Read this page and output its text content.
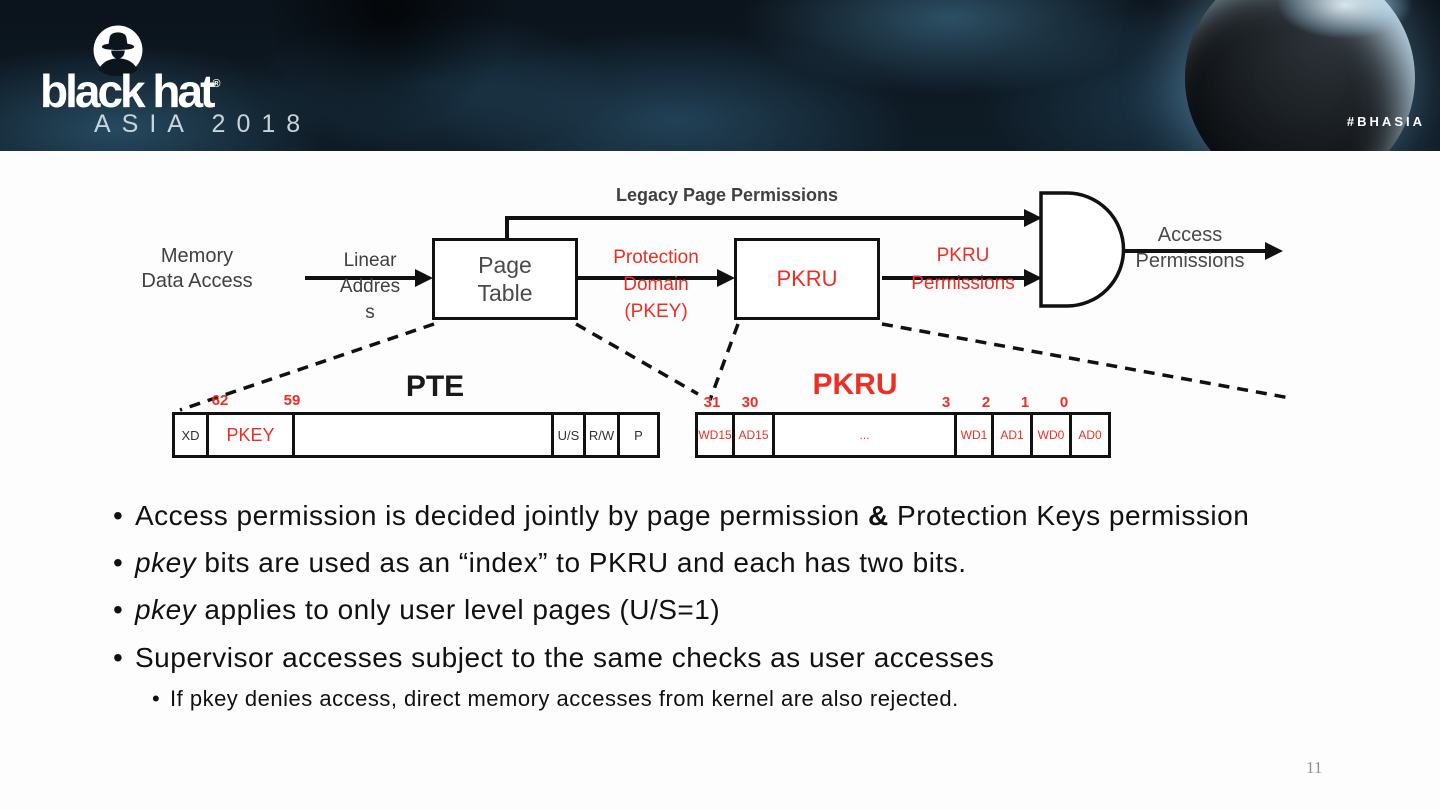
black hat®
ASIA 2018	#BHASIA
Legacy Page Permissions
Memory
Data Access
Linear
Addres
s
Page
Table
Protection
Domain
(PKEY)
PKRU
PKRU
Permissions
Access
Permissions
PTE
62	59
XD	PKEY	U/S R/W	P
PKRU
31 30	3 2 1 0
WD15 AD15	...	WD1	AD1	WD0	AD0
• Access permission is decided jointly by page permission & Protection Keys permission
• pkey bits are used as an “index” to PKRU and each has two bits.
• pkey applies to only user level pages (U/S=1)
• Supervisor accesses subject to the same checks as user accesses
• If pkey denies access, direct memory accesses from kernel are also rejected.
11
